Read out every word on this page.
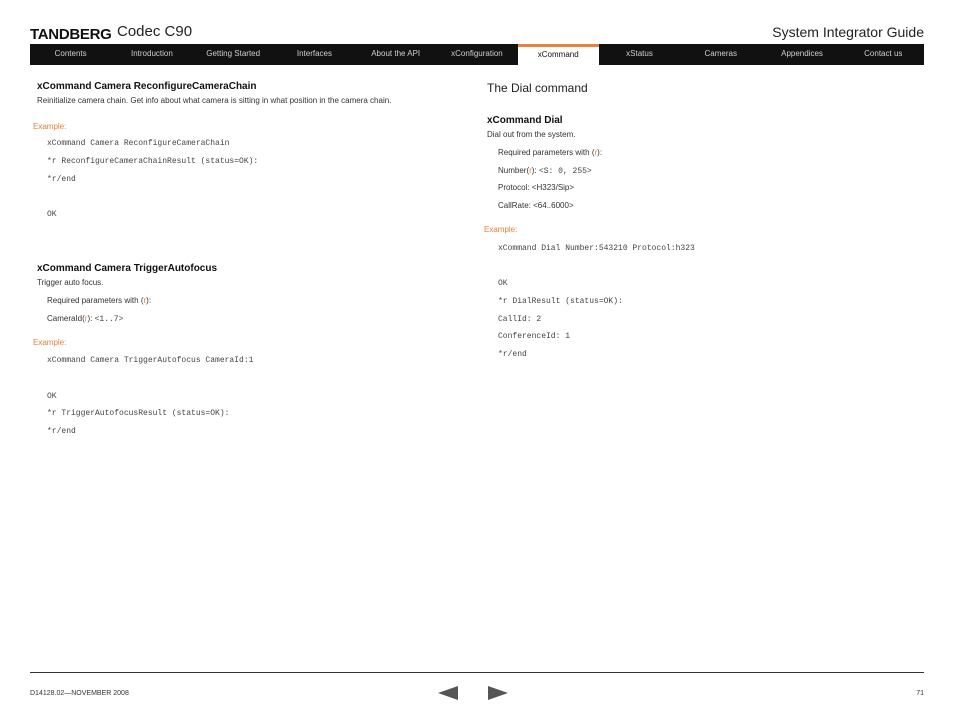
TANDBERG Codec C90	System Integrator Guide
Contents	Introduction	Getting Started	Interfaces	About the API	xConfiguration	xCommand	xStatus	Cameras	Appendices	Contact us
xCommand Camera ReconfigureCameraChain
Reinitialize camera chain. Get info about what camera is sitting in what position in the camera chain.
Example:
xCommand Camera ReconfigureCameraChain
*r ReconfigureCameraChainResult (status=OK):
*r/end
OK
xCommand Camera TriggerAutofocus
Trigger auto focus.
Required parameters with (r):
CameraId(r): <1..7>
Example:
xCommand Camera TriggerAutofocus CameraId:1
OK
*r TriggerAutofocusResult (status=OK):
*r/end
The Dial command
xCommand Dial
Dial out from the system.
Required parameters with (r):
Number(r): <S: 0, 255>
Protocol: <H323/Sip>
CallRate: <64..6000>
Example:
xCommand Dial Number:543210 Protocol:h323
OK
*r DialResult (status=OK):
CallId: 2
ConferenceId: 1
*r/end
D14128.02—NOVEMBER 2008	71
